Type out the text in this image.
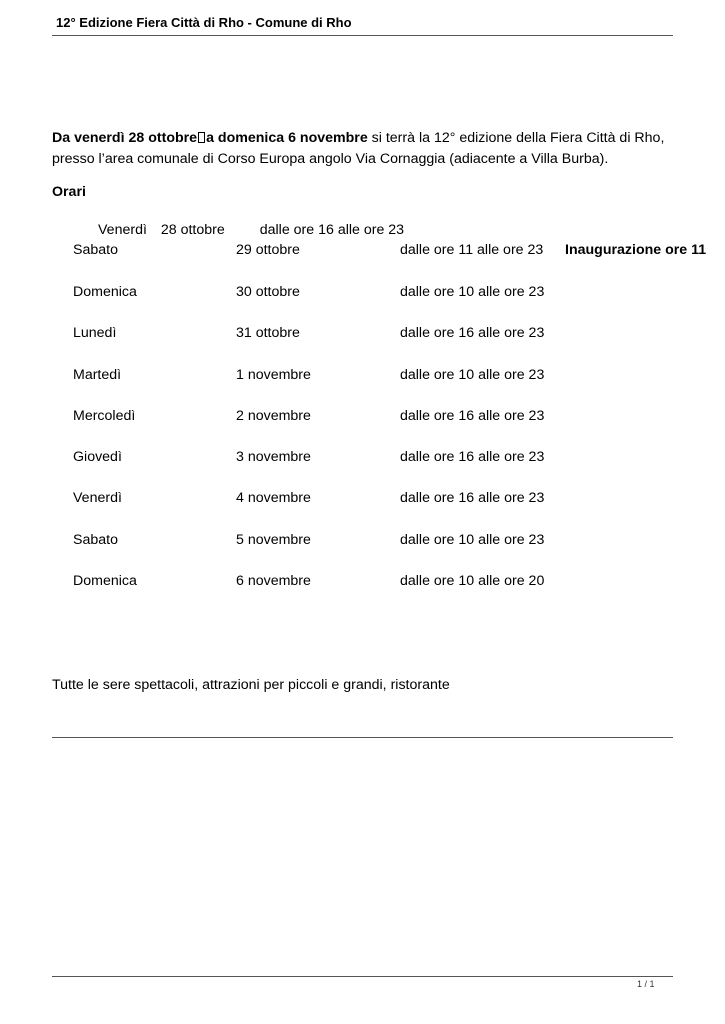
12° Edizione Fiera Città di Rho - Comune di Rho
Da venerdì 28 ottobre a domenica 6 novembre si terrà la 12° edizione della Fiera Città di Rho, presso l’area comunale di Corso Europa angolo Via Cornaggia (adiacente a Villa Burba).
Orari
Venerdì 28 ottobre dalle ore 16 alle ore 23
Sabato	29 ottobre	dalle ore 11 alle ore 23 Inaugurazione ore 11
Domenica	30 ottobre	dalle ore 10 alle ore 23
Lunedì	31 ottobre	dalle ore 16 alle ore 23
Martedì	1 novembre	dalle ore 10 alle ore 23
Mercoledì	2 novembre	dalle ore 16 alle ore 23
Giovedì	3 novembre	dalle ore 16 alle ore 23
Venerdì	4 novembre	dalle ore 16 alle ore 23
Sabato	5 novembre	dalle ore 10 alle ore 23
Domenica	6 novembre	dalle ore 10 alle ore 20
Tutte le sere spettacoli, attrazioni per piccoli e grandi, ristorante
1 / 1
